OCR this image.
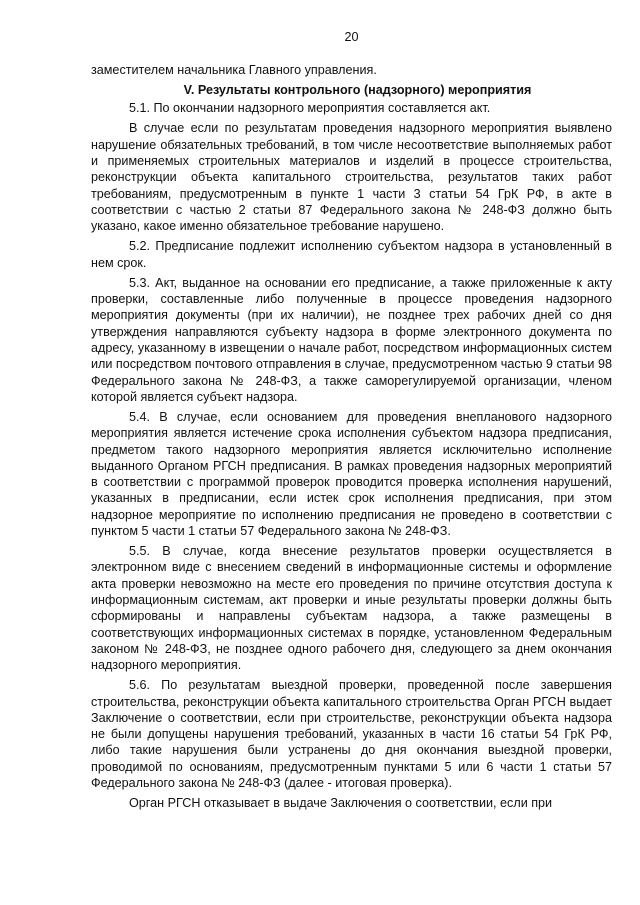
20

заместителем начальника Главного управления.

V. Результаты контрольного (надзорного) мероприятия

5.1. По окончании надзорного мероприятия составляется акт.

В случае если по результатам проведения надзорного мероприятия выявлено нарушение обязательных требований, в том числе несоответствие выполняемых работ и применяемых строительных материалов и изделий в процессе строительства, реконструкции объекта капитального строительства, результатов таких работ требованиям, предусмотренным в пункте 1 части 3 статьи 54 ГрК РФ, в акте в соответствии с частью 2 статьи 87 Федерального закона № 248-ФЗ должно быть указано, какое именно обязательное требование нарушено.

5.2. Предписание подлежит исполнению субъектом надзора в установленный в нем срок.

5.3. Акт, выданное на основании его предписание, а также приложенные к акту проверки, составленные либо полученные в процессе проведения надзорного мероприятия документы (при их наличии), не позднее трех рабочих дней со дня утверждения направляются субъекту надзора в форме электронного документа по адресу, указанному в извещении о начале работ, посредством информационных систем или посредством почтового отправления в случае, предусмотренном частью 9 статьи 98 Федерального закона № 248-ФЗ, а также саморегулируемой организации, членом которой является субъект надзора.

5.4. В случае, если основанием для проведения внепланового надзорного мероприятия является истечение срока исполнения субъектом надзора предписания, предметом такого надзорного мероприятия является исключительно исполнение выданного Органом РГСН предписания. В рамках проведения надзорных мероприятий в соответствии с программой проверок проводится проверка исполнения нарушений, указанных в предписании, если истек срок исполнения предписания, при этом надзорное мероприятие по исполнению предписания не проведено в соответствии с пунктом 5 части 1 статьи 57 Федерального закона № 248-ФЗ.

5.5. В случае, когда внесение результатов проверки осуществляется в электронном виде с внесением сведений в информационные системы и оформление акта проверки невозможно на месте его проведения по причине отсутствия доступа к информационным системам, акт проверки и иные результаты проверки должны быть сформированы и направлены субъектам надзора, а также размещены в соответствующих информационных системах в порядке, установленном Федеральным законом № 248-ФЗ, не позднее одного рабочего дня, следующего за днем окончания надзорного мероприятия.

5.6. По результатам выездной проверки, проведенной после завершения строительства, реконструкции объекта капитального строительства Орган РГСН выдает Заключение о соответствии, если при строительстве, реконструкции объекта надзора не были допущены нарушения требований, указанных в части 16 статьи 54 ГрК РФ, либо такие нарушения были устранены до дня окончания выездной проверки, проводимой по основаниям, предусмотренным пунктами 5 или 6 части 1 статьи 57 Федерального закона № 248-ФЗ (далее - итоговая проверка).

Орган РГСН отказывает в выдаче Заключения о соответствии, если при
